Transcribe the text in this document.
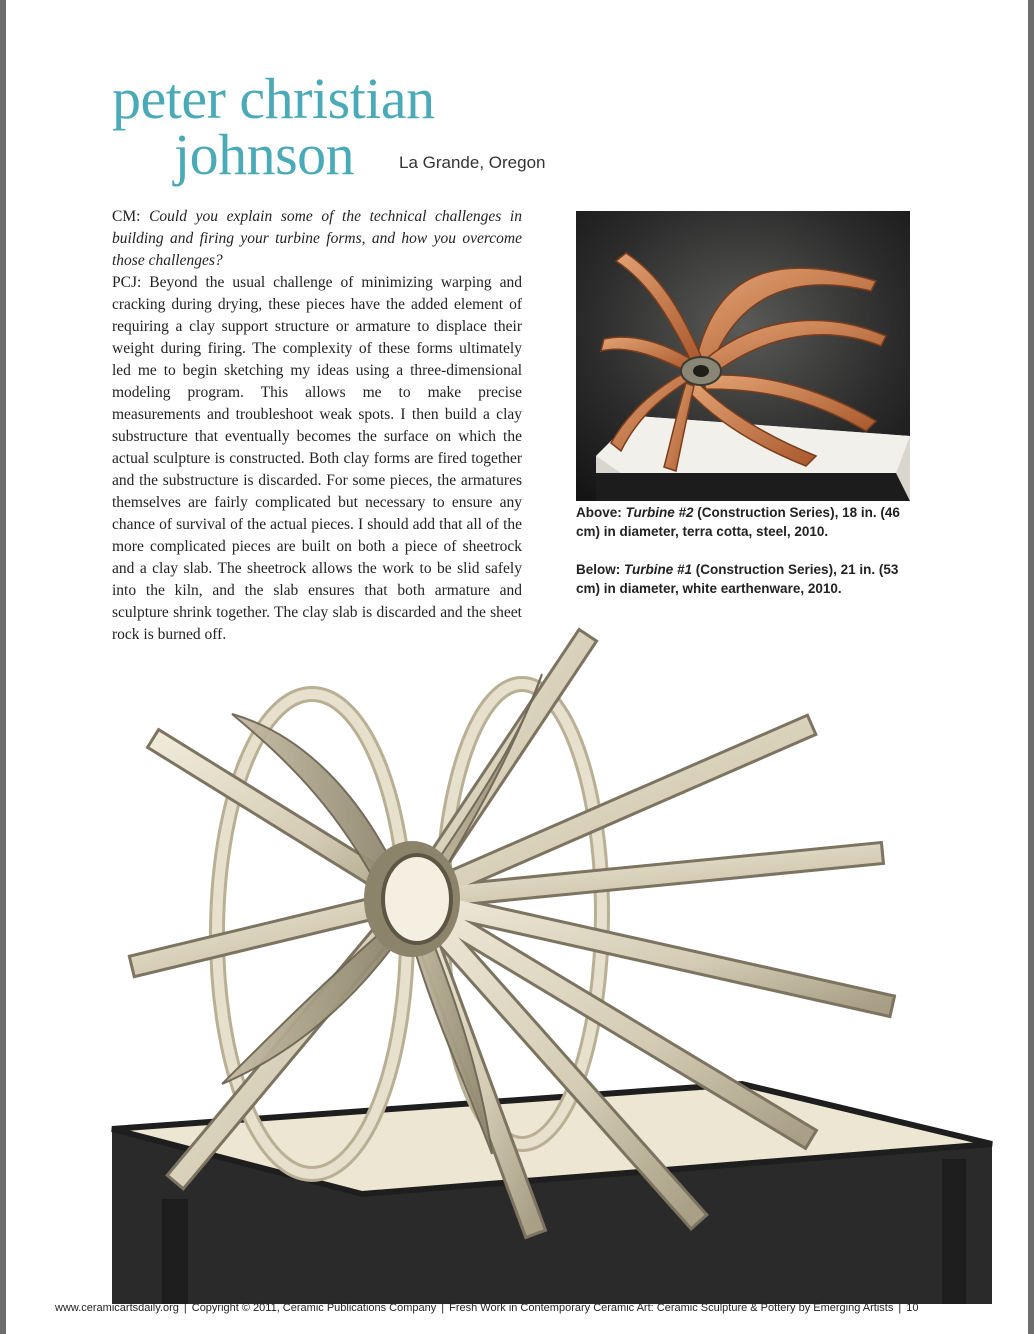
peter christian
johnson	La Grande, Oregon

CM: Could you explain some of the technical challenges in building and firing your turbine forms, and how you overcome those challenges?

PCJ: Beyond the usual challenge of minimizing warping and cracking during drying, these pieces have the added element of requiring a clay support structure or armature to displace their weight during firing. The complexity of these forms ultimately led me to begin sketching my ideas using a three-dimensional modeling program. This allows me to make precise measurements and troubleshoot weak spots. I then build a clay substructure that eventually becomes the surface on which the actual sculpture is constructed. Both clay forms are fired together and the substructure is discarded. For some pieces, the armatures themselves are fairly complicated but necessary to ensure any chance of survival of the actual pieces. I should add that all of the more complicated pieces are built on both a piece of sheetrock and a clay slab. The sheetrock allows the work to be slid safely into the kiln, and the slab ensures that both armature and sculpture shrink together. The clay slab is discarded and the sheet rock is burned off.

Above: Turbine #2 (Construction Series), 18 in. (46 cm) in diameter, terra cotta, steel, 2010.
Below: Turbine #1 (Construction Series), 21 in. (53 cm) in diameter, white earthenware, 2010.
www.ceramicartsdaily.org | Copyright © 2011, Ceramic Publications Company | Fresh Work in Contemporary Ceramic Art: Ceramic Sculpture & Pottery by Emerging Artists | 10
